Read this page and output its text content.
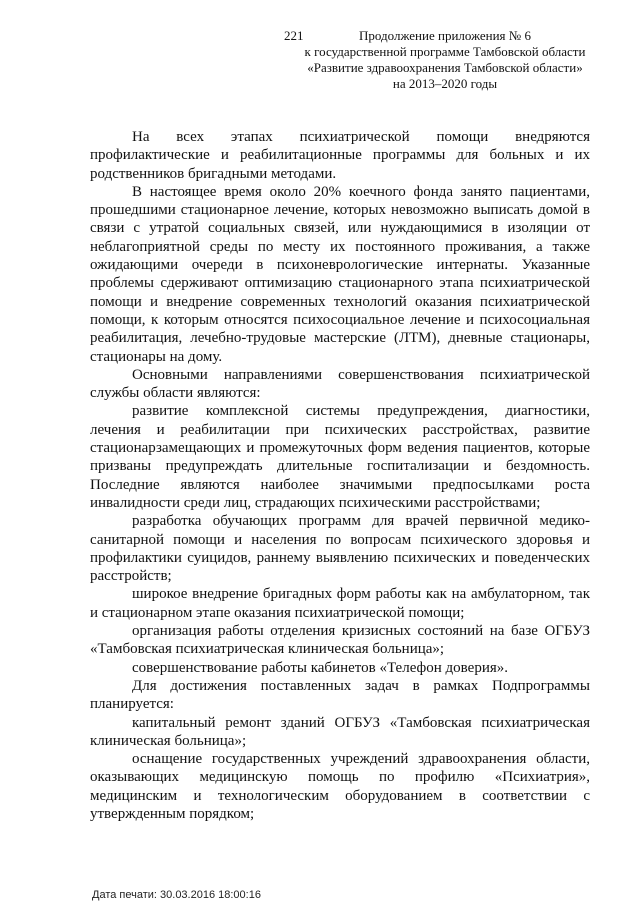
221	Продолжение приложения № 6
к государственной программе Тамбовской области
«Развитие здравоохранения Тамбовской области»
на 2013–2020 годы

На всех этапах психиатрической помощи внедряются профилактические и реабилитационные программы для больных и их родственников бригадными методами.

В настоящее время около 20% коечного фонда занято пациентами, прошедшими стационарное лечение, которых невозможно выписать домой в связи с утратой социальных связей, или нуждающимися в изоляции от неблагоприятной среды по месту их постоянного проживания, а также ожидающими очереди в психоневрологические интернаты. Указанные проблемы сдерживают оптимизацию стационарного этапа психиатрической помощи и внедрение современных технологий оказания психиатрической помощи, к которым относятся психосоциальное лечение и психосоциальная реабилитация, лечебно-трудовые мастерские (ЛТМ), дневные стационары, стационары на дому.

Основными направлениями совершенствования психиатрической службы области являются:

развитие комплексной системы предупреждения, диагностики, лечения и реабилитации при психических расстройствах, развитие стационарзамещающих и промежуточных форм ведения пациентов, которые призваны предупреждать длительные госпитализации и бездомность. Последние являются наиболее значимыми предпосылками роста инвалидности среди лиц, страдающих психическими расстройствами;

разработка обучающих программ для врачей первичной медико-санитарной помощи и населения по вопросам психического здоровья и профилактики суицидов, раннему выявлению психических и поведенческих расстройств;

широкое внедрение бригадных форм работы как на амбулаторном, так и стационарном этапе оказания психиатрической помощи;

организация работы отделения кризисных состояний на базе ОГБУЗ «Тамбовская психиатрическая клиническая больница»;

совершенствование работы кабинетов «Телефон доверия».

Для достижения поставленных задач в рамках Подпрограммы планируется:

капитальный ремонт зданий ОГБУЗ «Тамбовская психиатрическая клиническая больница»;

оснащение государственных учреждений здравоохранения области, оказывающих медицинскую помощь по профилю «Психиатрия», медицинским и технологическим оборудованием в соответствии с утвержденным порядком;

Дата печати: 30.03.2016 18:00:16
